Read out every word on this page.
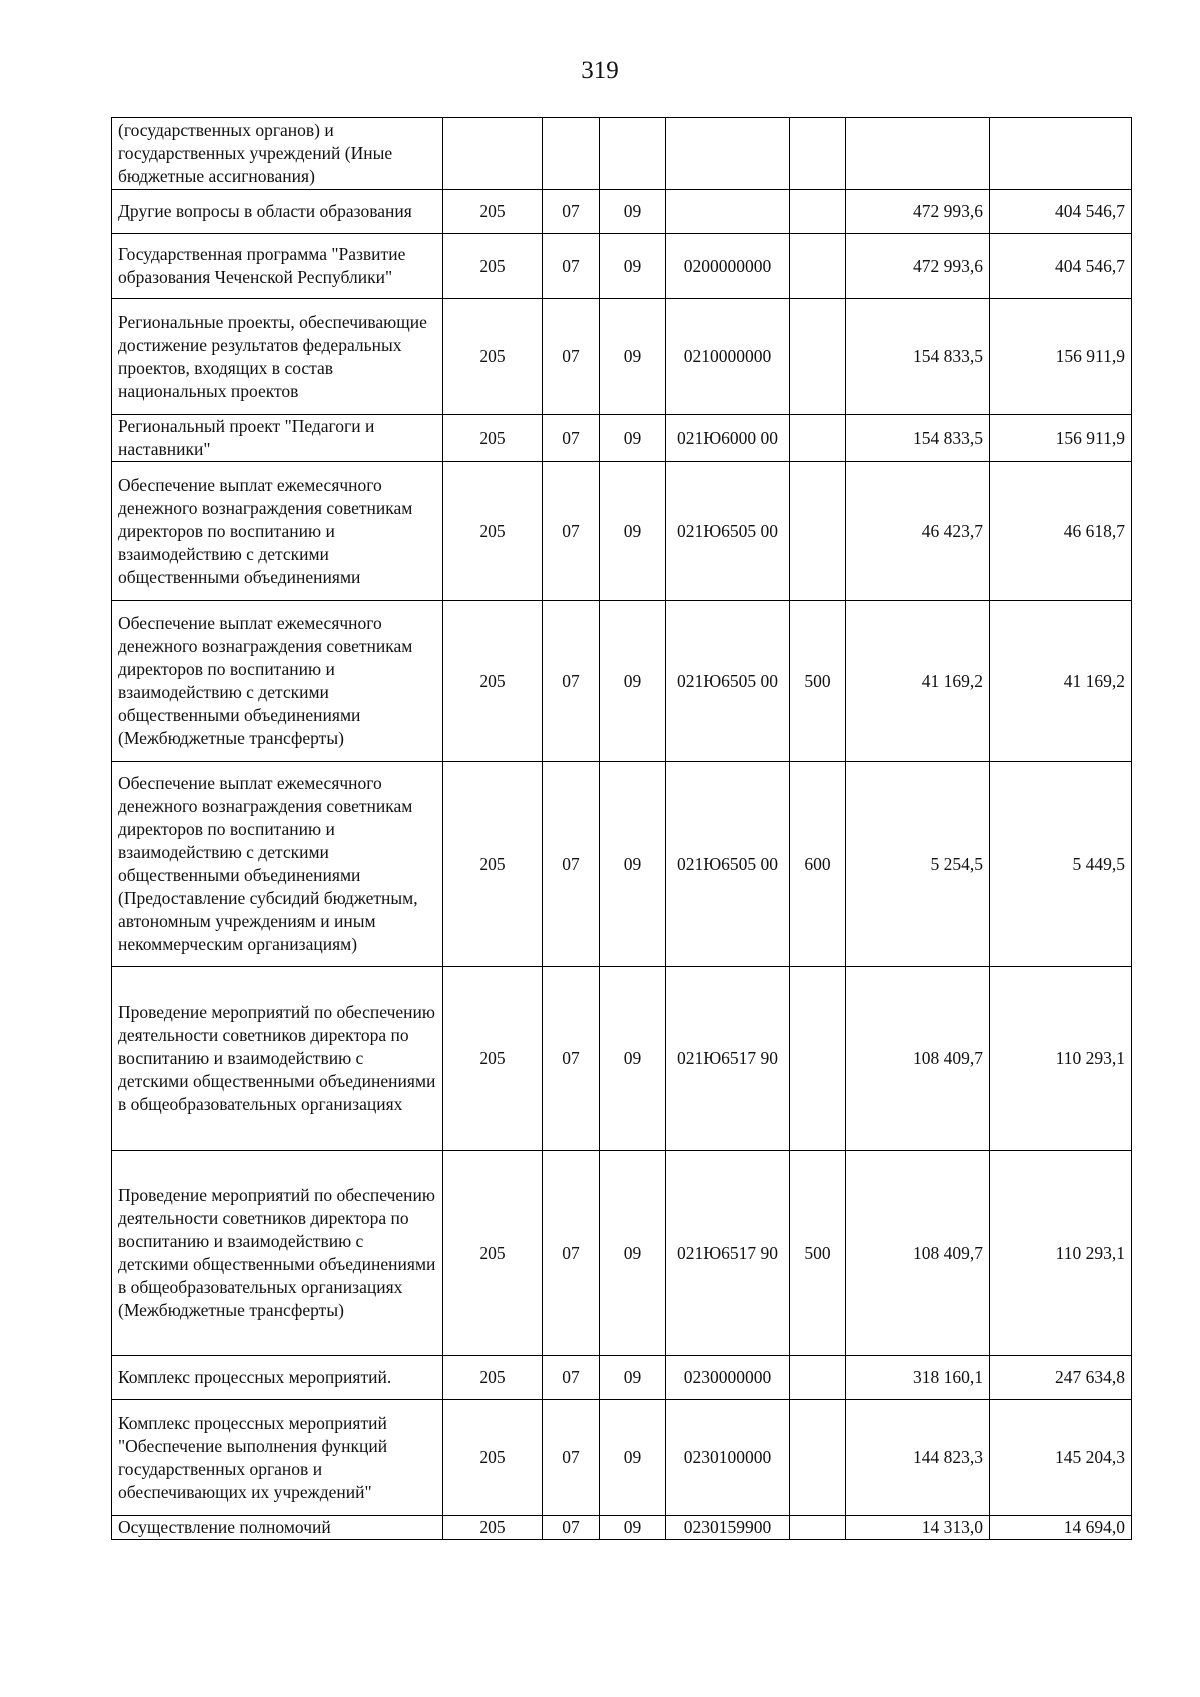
319
(государственных органов) и государственных учреждений (Иные бюджетные ассигнования)							
Другие вопросы в области образования	205	07	09			472 993,6	404 546,7
Государственная программа "Развитие образования Чеченской Республики"	205	07	09	0200000000		472 993,6	404 546,7
Региональные проекты, обеспечивающие достижение результатов федеральных проектов, входящих в состав национальных проектов	205	07	09	0210000000		154 833,5	156 911,9
Региональный проект "Педагоги и наставники"	205	07	09	021Ю6000 00		154 833,5	156 911,9
Обеспечение выплат ежемесячного денежного вознаграждения советникам директоров по воспитанию и взаимодействию с детскими общественными объединениями	205	07	09	021Ю6505 00		46 423,7	46 618,7
Обеспечение выплат ежемесячного денежного вознаграждения советникам директоров по воспитанию и взаимодействию с детскими общественными объединениями (Межбюджетные трансферты)	205	07	09	021Ю6505 00	500	41 169,2	41 169,2
Обеспечение выплат ежемесячного денежного вознаграждения советникам директоров по воспитанию и взаимодействию с детскими общественными объединениями (Предоставление субсидий бюджетным, автономным учреждениям и иным некоммерческим организациям)	205	07	09	021Ю6505 00	600	5 254,5	5 449,5
Проведение мероприятий по обеспечению деятельности советников директора по воспитанию и взаимодействию с детскими общественными объединениями в общеобразовательных организациях	205	07	09	021Ю6517 90		108 409,7	110 293,1
Проведение мероприятий по обеспечению деятельности советников директора по воспитанию и взаимодействию с детскими общественными объединениями в общеобразовательных организациях (Межбюджетные трансферты)	205	07	09	021Ю6517 90	500	108 409,7	110 293,1
Комплекс процессных мероприятий.	205	07	09	0230000000		318 160,1	247 634,8
Комплекс процессных мероприятий "Обеспечение выполнения функций государственных органов и обеспечивающих их учреждений"	205	07	09	0230100000		144 823,3	145 204,3
Осуществление полномочий	205	07	09	0230159900		14 313,0	14 694,0
